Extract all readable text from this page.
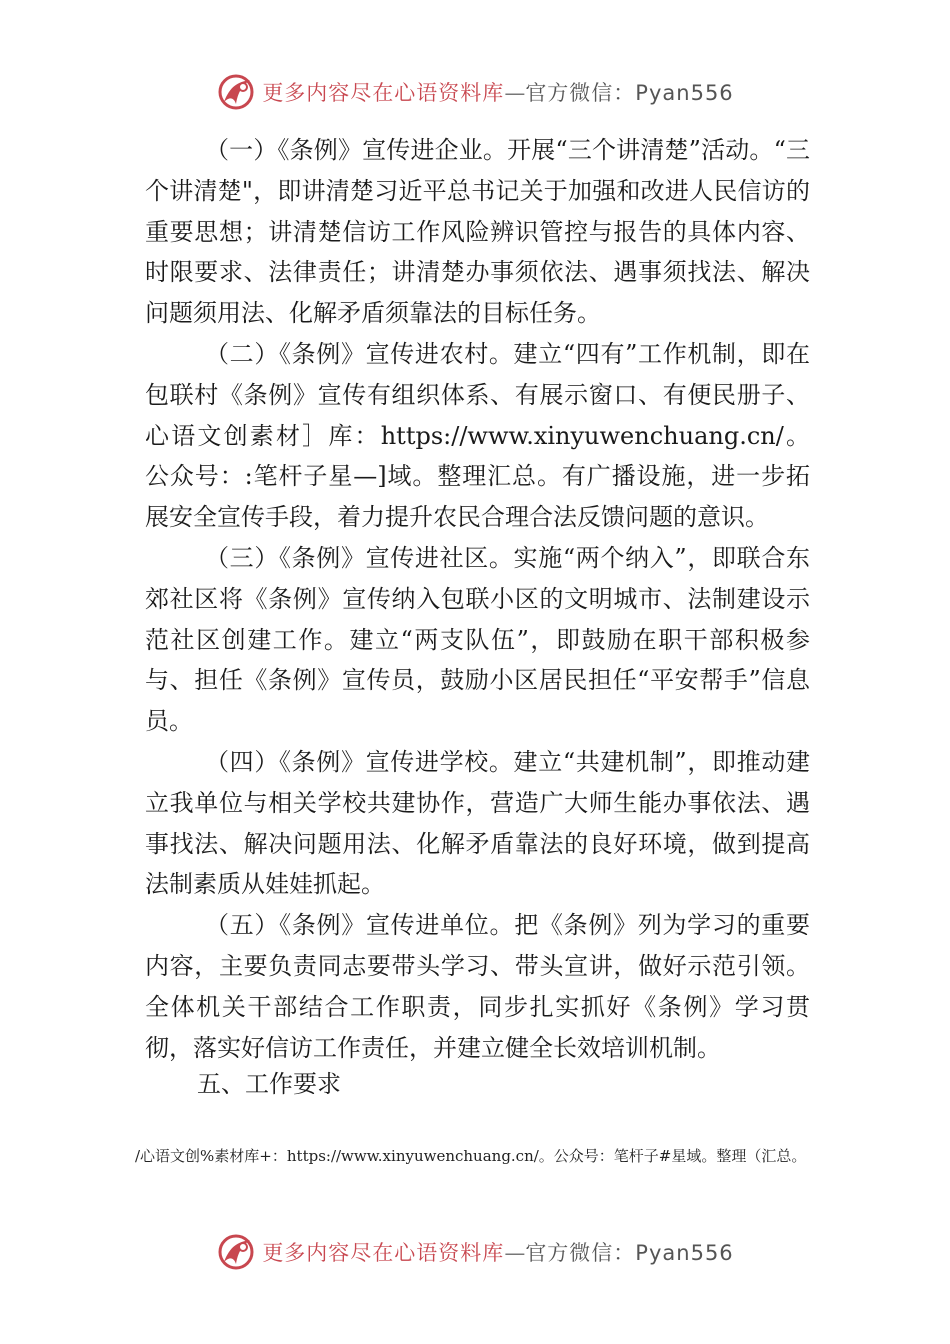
更多内容尽在心语资料库—官方微信：Pyan556

（一）《条例》宣传进企业。开展“三个讲清楚”活动。“三个讲清楚"，即讲清楚习近平总书记关于加强和改进人民信访的重要思想；讲清楚信访工作风险辨识管控与报告的具体内容、时限要求、法律责任；讲清楚办事须依法、遇事须找法、解决问题须用法、化解矛盾须靠法的目标任务。

（二）《条例》宣传进农村。建立“四有”工作机制，即在包联村《条例》宣传有组织体系、有展示窗口、有便民册子、心语文创素材］库：https://www.xinyuwenchuang.cn/。公众号：:笔杆子星—]域。整理汇总。有广播设施，进一步拓展安全宣传手段，着力提升农民合理合法反馈问题的意识。

（三）《条例》宣传进社区。实施“两个纳入”，即联合东郊社区将《条例》宣传纳入包联小区的文明城市、法制建设示范社区创建工作。建立“两支队伍”，即鼓励在职干部积极参与、担任《条例》宣传员，鼓励小区居民担任“平安帮手”信息员。

（四）《条例》宣传进学校。建立“共建机制”，即推动建立我单位与相关学校共建协作，营造广大师生能办事依法、遇事找法、解决问题用法、化解矛盾靠法的良好环境，做到提高法制素质从娃娃抓起。

（五）《条例》宣传进单位。把《条例》列为学习的重要内容，主要负责同志要带头学习、带头宣讲，做好示范引领。全体机关干部结合工作职责，同步扎实抓好《条例》学习贯彻，落实好信访工作责任，并建立健全长效培训机制。

五、工作要求

/心语文创%素材库+：https://www.xinyuwenchuang.cn/。公众号：笔杆子#星域。整理（汇总。
更多内容尽在心语资料库—官方微信：Pyan556
